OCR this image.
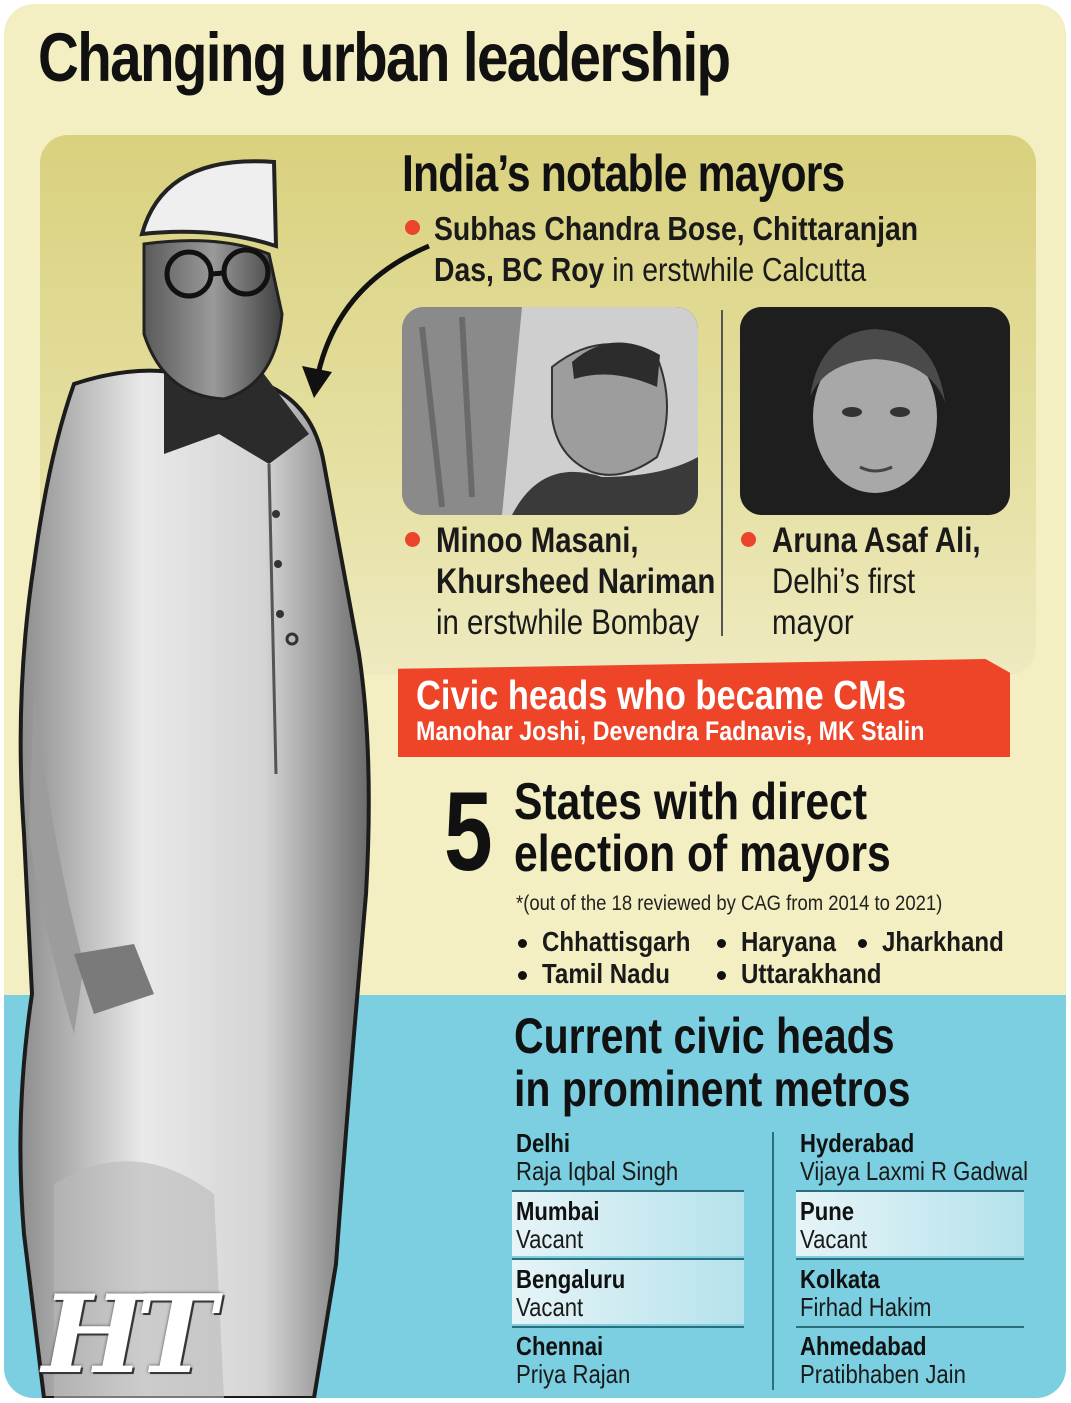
Changing urban leadership
India’s notable mayors
Subhas Chandra Bose, Chittaranjan
Das, BC Roy in erstwhile Calcutta
Minoo Masani,
Khursheed Nariman
in erstwhile Bombay
Aruna Asaf Ali,
Delhi’s first
mayor
Civic heads who became CMs
Manohar Joshi, Devendra Fadnavis, MK Stalin
5 States with direct
election of mayors
*(out of the 18 reviewed by CAG from 2014 to 2021)
Chhattisgarh Haryana Jharkhand
Tamil Nadu	Uttarakhand
Current civic heads
in prominent metros
Delhi
Raja Iqbal Singh
Mumbai
Vacant
Bengaluru
Vacant
Chennai
Priya Rajan
Hyderabad
Vijaya Laxmi R Gadwal
Pune
Vacant
Kolkata
Firhad Hakim
Ahmedabad
Pratibhaben Jain
HT
